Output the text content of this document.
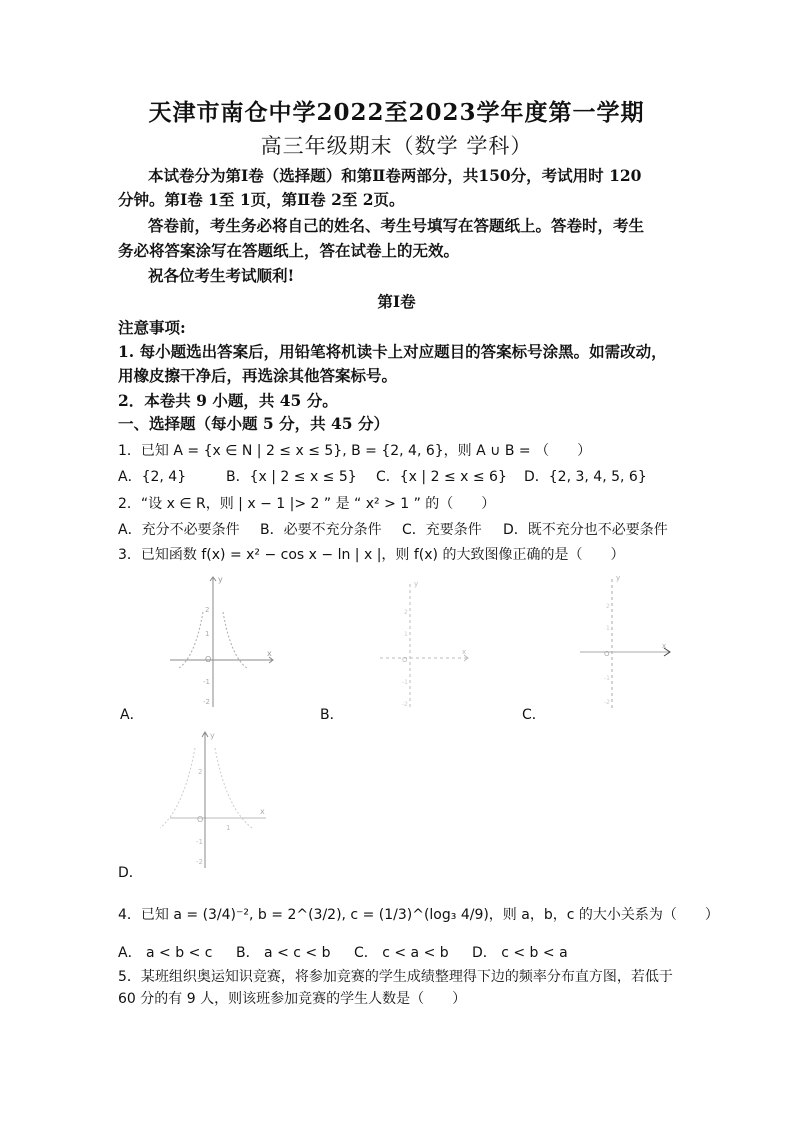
天津市南仓中学2022至2023学年度第一学期
高三年级期末（数学 学科）
本试卷分为第Ⅰ卷（选择题）和第Ⅱ卷两部分，共150分，考试用时 120
分钟。第Ⅰ卷 1至 1页，第Ⅱ卷 2至 2页。
答卷前，考生务必将自己的姓名、考生号填写在答题纸上。答卷时，考生
务必将答案涂写在答题纸上，答在试卷上的无效。
祝各位考生考试顺利!
第Ⅰ卷
注意事项:
1. 每小题选出答案后，用铅笔将机读卡上对应题目的答案标号涂黑。如需改动，
用橡皮擦干净后，再选涂其他答案标号。
2．本卷共 9 小题，共 45 分。
一、选择题（每小题 5 分，共 45 分）
1．已知 A = {x ∈ N | 2 ≤ x ≤ 5}, B = {2, 4, 6}，则 A ∪ B = （　　）
A．{2, 4}	B．{x | 2 ≤ x ≤ 5}	C．{x | 2 ≤ x ≤ 6}	D．{2, 3, 4, 5, 6}
2．“设 x ∈ R，则 | x − 1 |> 2 ” 是 “ x² > 1 ” 的（　　）
A．充分不必要条件	B．必要不充分条件	C．充要条件	D．既不充分也不必要条件
3．已知函数 f(x) = x² − cos x − ln | x |，则 f(x) 的大致图像正确的是（　　）
O
x
y
2
1
-1
-2
A．
O
x
y
2
1
-1
-2
B．
O
x
y
2
1
-1
-2
C．
O
x
y
1
2
-1
-2
D．
4．已知 a = (3/4)⁻², b = 2^(3/2), c = (1/3)^(log₃ 4/9)，则 a，b，c 的大小关系为（　　）
A． a < b < c	B． a < c < b	C． c < a < b	D． c < b < a
5．某班组织奥运知识竞赛，将参加竞赛的学生成绩整理得下边的频率分布直方图，若低于
60 分的有 9 人，则该班参加竞赛的学生人数是（　　）
